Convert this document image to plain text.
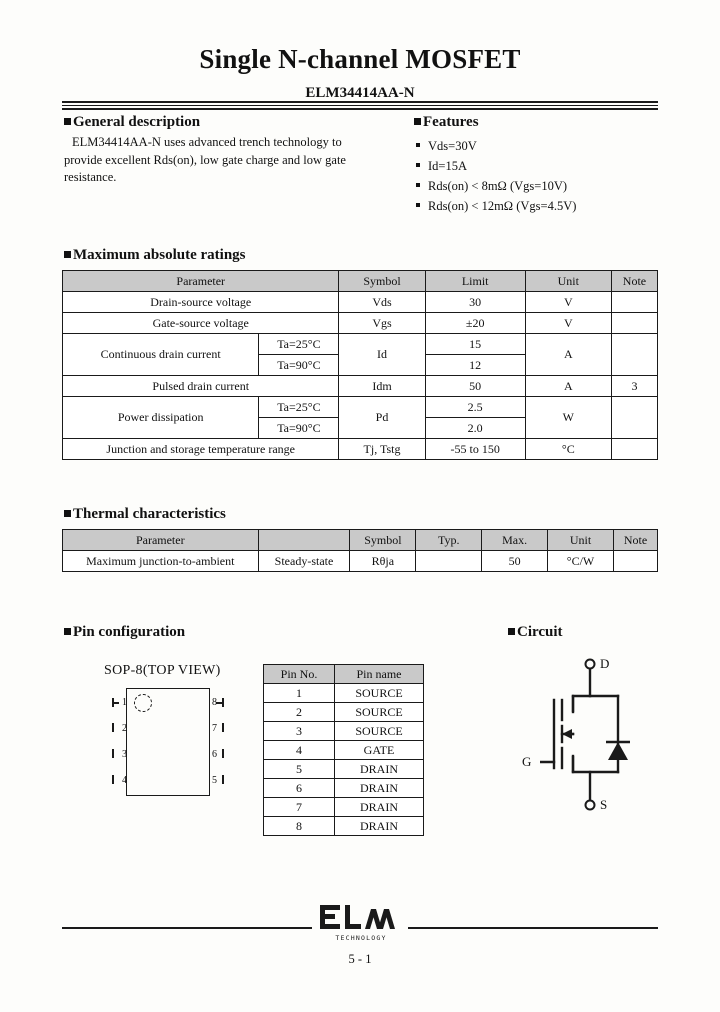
Single N-channel MOSFET
ELM34414AA-N
General description
ELM34414AA-N uses advanced trench technology to provide excellent Rds(on), low gate charge and low gate resistance.
Features
Vds=30V
Id=15A
Rds(on) < 8mΩ (Vgs=10V)
Rds(on) < 12mΩ (Vgs=4.5V)
Maximum absolute ratings
Parameter		Symbol	Limit	Unit	Note
Drain-source voltage		Vds	30	V	
Gate-source voltage		Vgs	±20	V	
Continuous drain current	Ta=25°C	Id	15	A	
	Ta=90°C		12		
Pulsed drain current		Idm	50	A	3
Power dissipation	Ta=25°C	Pd	2.5	W	
	Ta=90°C		2.0		
Junction and storage temperature range		Tj, Tstg	-55 to 150	°C	
Thermal characteristics
Parameter		Symbol	Typ.	Max.	Unit	Note
Maximum junction-to-ambient	Steady-state	Rθja		50	°C/W	
Pin configuration
SOP-8(TOP VIEW)
1
2
3
4	5
6
7
8
Pin No.	Pin name
1	SOURCE
2	SOURCE
3	SOURCE
4	GATE
5	DRAIN
6	DRAIN
7	DRAIN
8	DRAIN
Circuit
D
G
S
TECHNOLOGY
5 - 1
